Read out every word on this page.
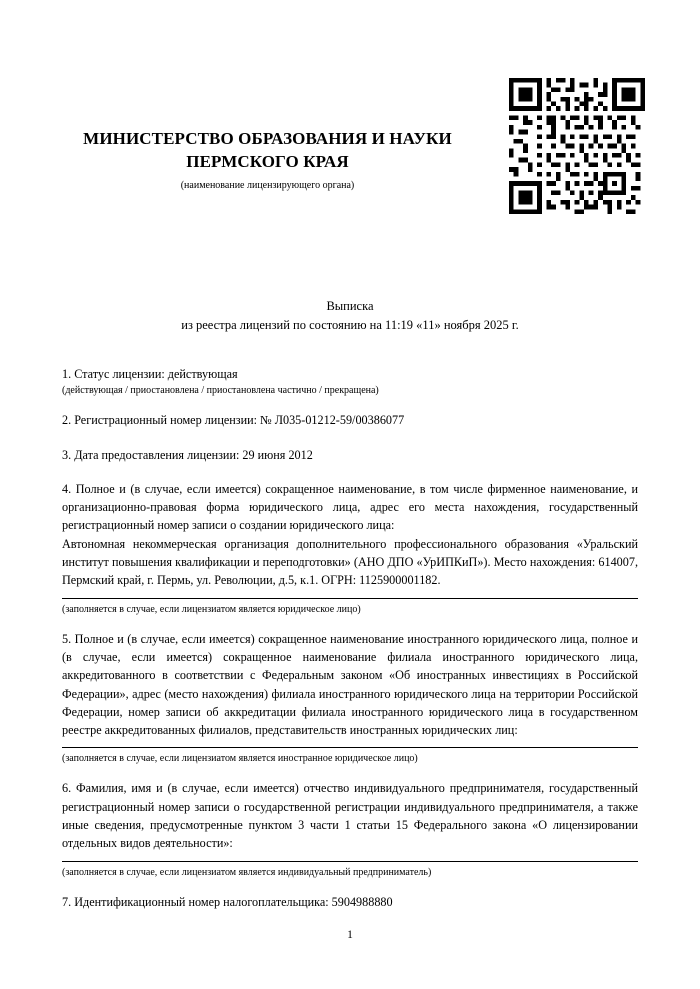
МИНИСТЕРСТВО ОБРАЗОВАНИЯ И НАУКИ ПЕРМСКОГО КРАЯ
(наименование лицензирующего органа)
Выписка
из реестра лицензий по состоянию на 11:19 «11» ноября 2025 г.

1. Статус лицензии: действующая

(действующая / приостановлена / приостановлена частично / прекращена)

2. Регистрационный номер лицензии: № Л035-01212-59/00386077

3. Дата предоставления лицензии: 29 июня 2012

4. Полное и (в случае, если имеется) сокращенное наименование, в том числе фирменное наименование, и организационно-правовая форма юридического лица, адрес его места нахождения, государственный регистрационный номер записи о создании юридического лица:

Автономная некоммерческая организация дополнительного профессионального образования «Уральский институт повышения квалификации и переподготовки» (АНО ДПО «УрИПКиП»). Место нахождения: 614007, Пермский край, г. Пермь, ул. Революции, д.5, к.1. ОГРН: 1125900001182.

(заполняется в случае, если лицензиатом является юридическое лицо)

5. Полное и (в случае, если имеется) сокращенное наименование иностранного юридического лица, полное и (в случае, если имеется) сокращенное наименование филиала иностранного юридического лица, аккредитованного в соответствии с Федеральным законом «Об иностранных инвестициях в Российской Федерации», адрес (место нахождения) филиала иностранного юридического лица на территории Российской Федерации, номер записи об аккредитации филиала иностранного юридического лица в государственном реестре аккредитованных филиалов, представительств иностранных юридических лиц:

(заполняется в случае, если лицензиатом является иностранное юридическое лицо)

6. Фамилия, имя и (в случае, если имеется) отчество индивидуального предпринимателя, государственный регистрационный номер записи о государственной регистрации индивидуального предпринимателя, а также иные сведения, предусмотренные пунктом 3 части 1 статьи 15 Федерального закона «О лицензировании отдельных видов деятельности»:

(заполняется в случае, если лицензиатом является индивидуальный предприниматель)

7. Идентификационный номер налогоплательщика: 5904988880

1
